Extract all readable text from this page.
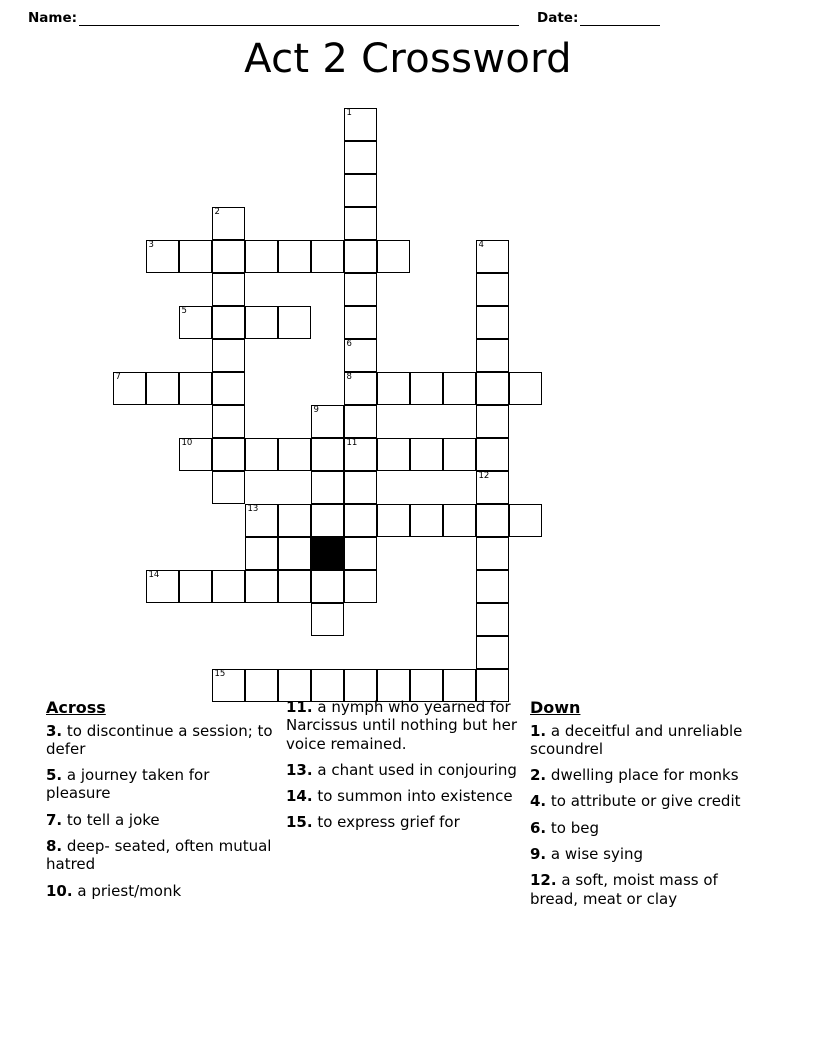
Name:	Date:
Act 2 Crossword
1
2
3	4
5
6
7	8
9
10	11
12
13
14
15
Across
3. to discontinue a session; to defer
5. a journey taken for pleasure
7. to tell a joke
8. deep- seated, often mutual hatred
10. a priest/monk
11. a nymph who yearned for Narcissus until nothing but her voice remained.
13. a chant used in conjouring
14. to summon into existence
15. to express grief for
Down
1. a deceitful and unreliable scoundrel
2. dwelling place for monks
4. to attribute or give credit
6. to beg
9. a wise sying
12. a soft, moist mass of bread, meat or clay
